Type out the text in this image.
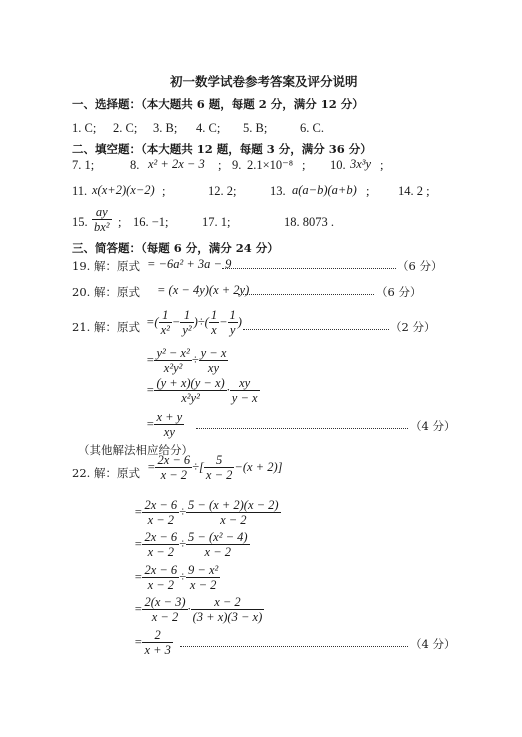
初一数学试卷参考答案及评分说明
一、选择题：（本大题共 6 题，每题 2 分，满分 12 分）
1. C; 2. C; 3. B; 4. C; 5. B;	6. C.
二、填空题：（本大题共 12 题，每题 3 分，满分 36 分）
7. 1;	8. x² + 2x − 3 ; 9. 2.1×10⁻⁸ ; 10. 3x³y ;
11. x(x+2)(x−2) ;	12. 2;	13. a(a−b)(a+b) ; 14. 2 ;
15. $\frac{ay}{\text{bx²}}$ ; 16. −1;	17. 1;	18. 8073 .
三、简答题：（每题 6 分，满分 24 分）
19. 解：原式 = −6a² + 3a − 9	（6 分）
20. 解：原式 = (x − 4y)(x + 2y)	（6 分）
21. 解：原式 =( $\frac{1}{\text{x²}} - \frac{1}{\text{y²}}$ )÷( $\frac{1}{x} - \frac{1}{y}$ )	（2 分）
= $\frac{\text{y² − x²}}{\text{x²y²}} \div \frac{y - x}{xy}$
= $\frac{(y + x)(y - x)}{\text{x²y²}} \cdot \frac{xy}{y - x}$
= $\frac{x + y}{xy}$	（4 分）
（其他解法相应给分）
22. 解：原式 = $\frac{2x - 6}{x - 2}$ ÷[ $\frac{5}{x - 2} -(x + 2)$]
= $\frac{2x - 6}{x - 2} \div \frac{5 - (x + 2)(x - 2)}{x - 2}$
= $\frac{2x - 6}{x - 2} \div \frac{\text{5 − (x² − 4)}}{x - 2}$
= $\frac{2x - 6}{x - 2} \div \frac{\text{9 − x²}}{x - 2}$
= $\frac{2(x - 3)}{x - 2} \cdot \frac{x - 2}{(3 + x)(3 - x)}$
= $\frac{2}{x + 3}$	（4 分）
